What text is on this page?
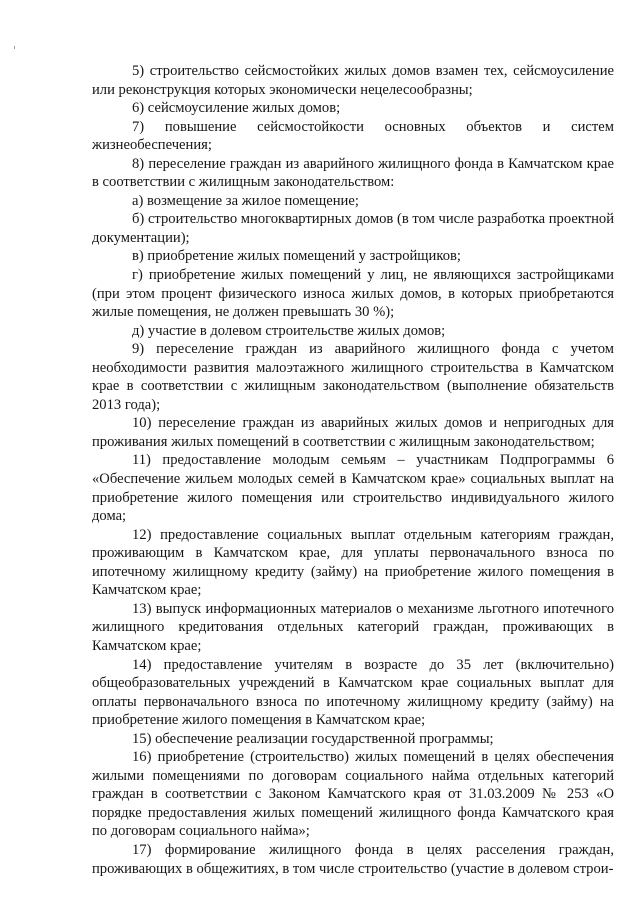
5) строительство сейсмостойких жилых домов взамен тех, сейсмоусиление или реконструкция которых экономически нецелесообразны;

6) сейсмоусиление жилых домов;

7) повышение сейсмостойкости основных объектов и систем жизнеобеспечения;

8) переселение граждан из аварийного жилищного фонда в Камчатском крае в соответствии с жилищным законодательством:

а) возмещение за жилое помещение;

б) строительство многоквартирных домов (в том числе разработка проектной документации);

в) приобретение жилых помещений у застройщиков;

г) приобретение жилых помещений у лиц, не являющихся застройщиками (при этом процент физического износа жилых домов, в которых приобретаются жилые помещения, не должен превышать 30 %);

д) участие в долевом строительстве жилых домов;

9) переселение граждан из аварийного жилищного фонда с учетом необходимости развития малоэтажного жилищного строительства в Камчатском крае в соответствии с жилищным законодательством (выполнение обязательств 2013 года);

10) переселение граждан из аварийных жилых домов и непригодных для проживания жилых помещений в соответствии с жилищным законодательством;

11) предоставление молодым семьям – участникам Подпрограммы 6 «Обеспечение жильем молодых семей в Камчатском крае» социальных выплат на приобретение жилого помещения или строительство индивидуального жилого дома;

12) предоставление социальных выплат отдельным категориям граждан, проживающим в Камчатском крае, для уплаты первоначального взноса по ипотечному жилищному кредиту (займу) на приобретение жилого помещения в Камчатском крае;

13) выпуск информационных материалов о механизме льготного ипотечного жилищного кредитования отдельных категорий граждан, проживающих в Камчатском крае;

14) предоставление учителям в возрасте до 35 лет (включительно) общеобразовательных учреждений в Камчатском крае социальных выплат для оплаты первоначального взноса по ипотечному жилищному кредиту (займу) на приобретение жилого помещения в Камчатском крае;

15) обеспечение реализации государственной программы;

16) приобретение (строительство) жилых помещений в целях обеспечения жилыми помещениями по договорам социального найма отдельных категорий граждан в соответствии с Законом Камчатского края от 31.03.2009 № 253 «О порядке предоставления жилых помещений жилищного фонда Камчатского края по договорам социального найма»;

17) формирование жилищного фонда в целях расселения граждан, проживающих в общежитиях, в том числе строительство (участие в долевом строи-
